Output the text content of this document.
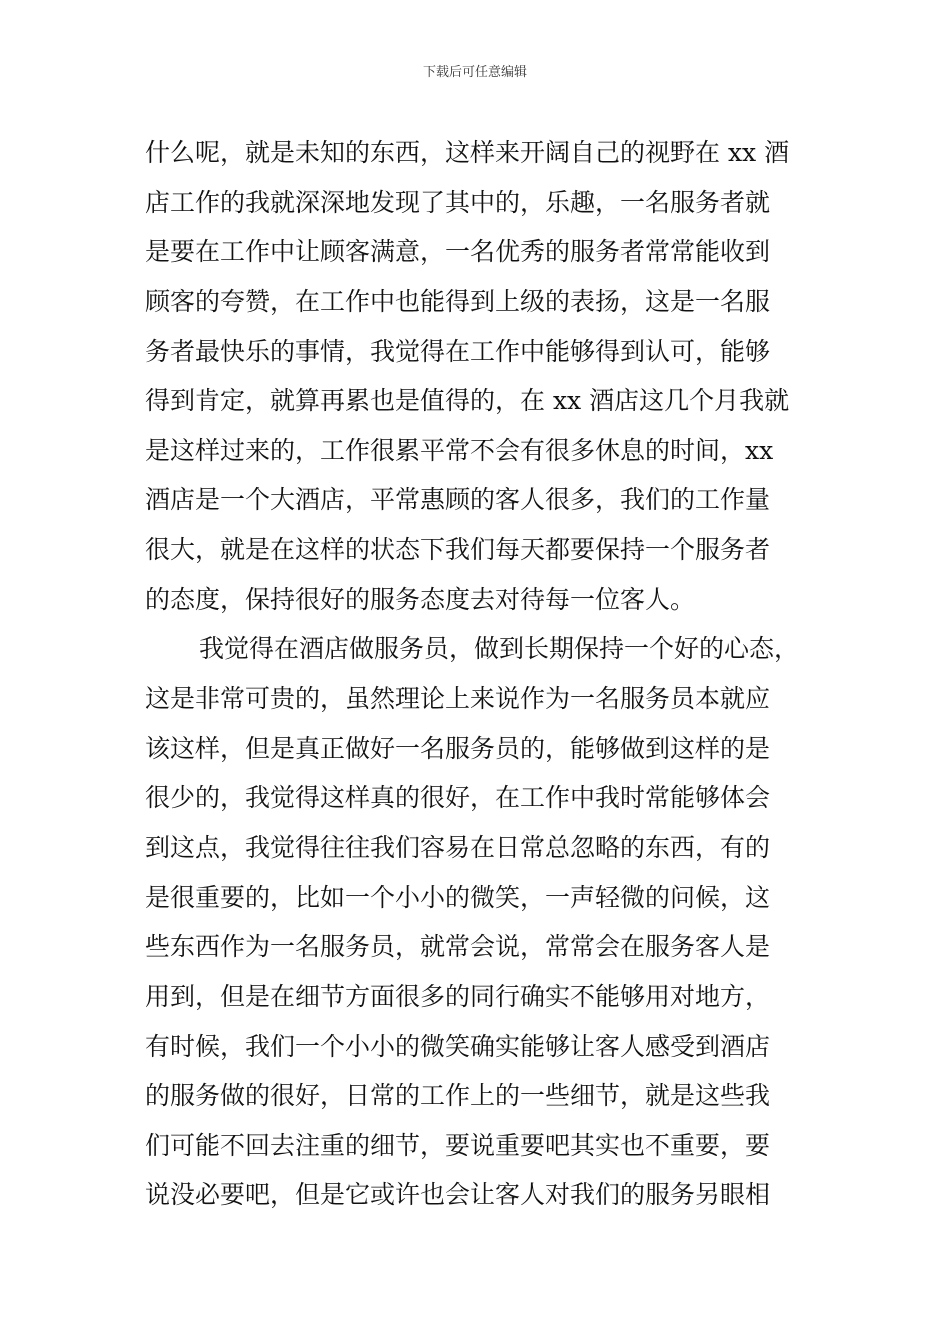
下载后可任意编辑
什么呢，就是未知的东西，这样来开阔自己的视野在 xx 酒
店工作的我就深深地发现了其中的，乐趣，一名服务者就
是要在工作中让顾客满意，一名优秀的服务者常常能收到
顾客的夸赞，在工作中也能得到上级的表扬，这是一名服
务者最快乐的事情，我觉得在工作中能够得到认可，能够
得到肯定，就算再累也是值得的，在 xx 酒店这几个月我就
是这样过来的，工作很累平常不会有很多休息的时间，xx
酒店是一个大酒店，平常惠顾的客人很多，我们的工作量
很大，就是在这样的状态下我们每天都要保持一个服务者
的态度，保持很好的服务态度去对待每一位客人。
我觉得在酒店做服务员，做到长期保持一个好的心态，
这是非常可贵的，虽然理论上来说作为一名服务员本就应
该这样，但是真正做好一名服务员的，能够做到这样的是
很少的，我觉得这样真的很好，在工作中我时常能够体会
到这点，我觉得往往我们容易在日常总忽略的东西，有的
是很重要的，比如一个小小的微笑，一声轻微的问候，这
些东西作为一名服务员，就常会说，常常会在服务客人是
用到，但是在细节方面很多的同行确实不能够用对地方，
有时候，我们一个小小的微笑确实能够让客人感受到酒店
的服务做的很好，日常的工作上的一些细节，就是这些我
们可能不回去注重的细节，要说重要吧其实也不重要，要
说没必要吧，但是它或许也会让客人对我们的服务另眼相
